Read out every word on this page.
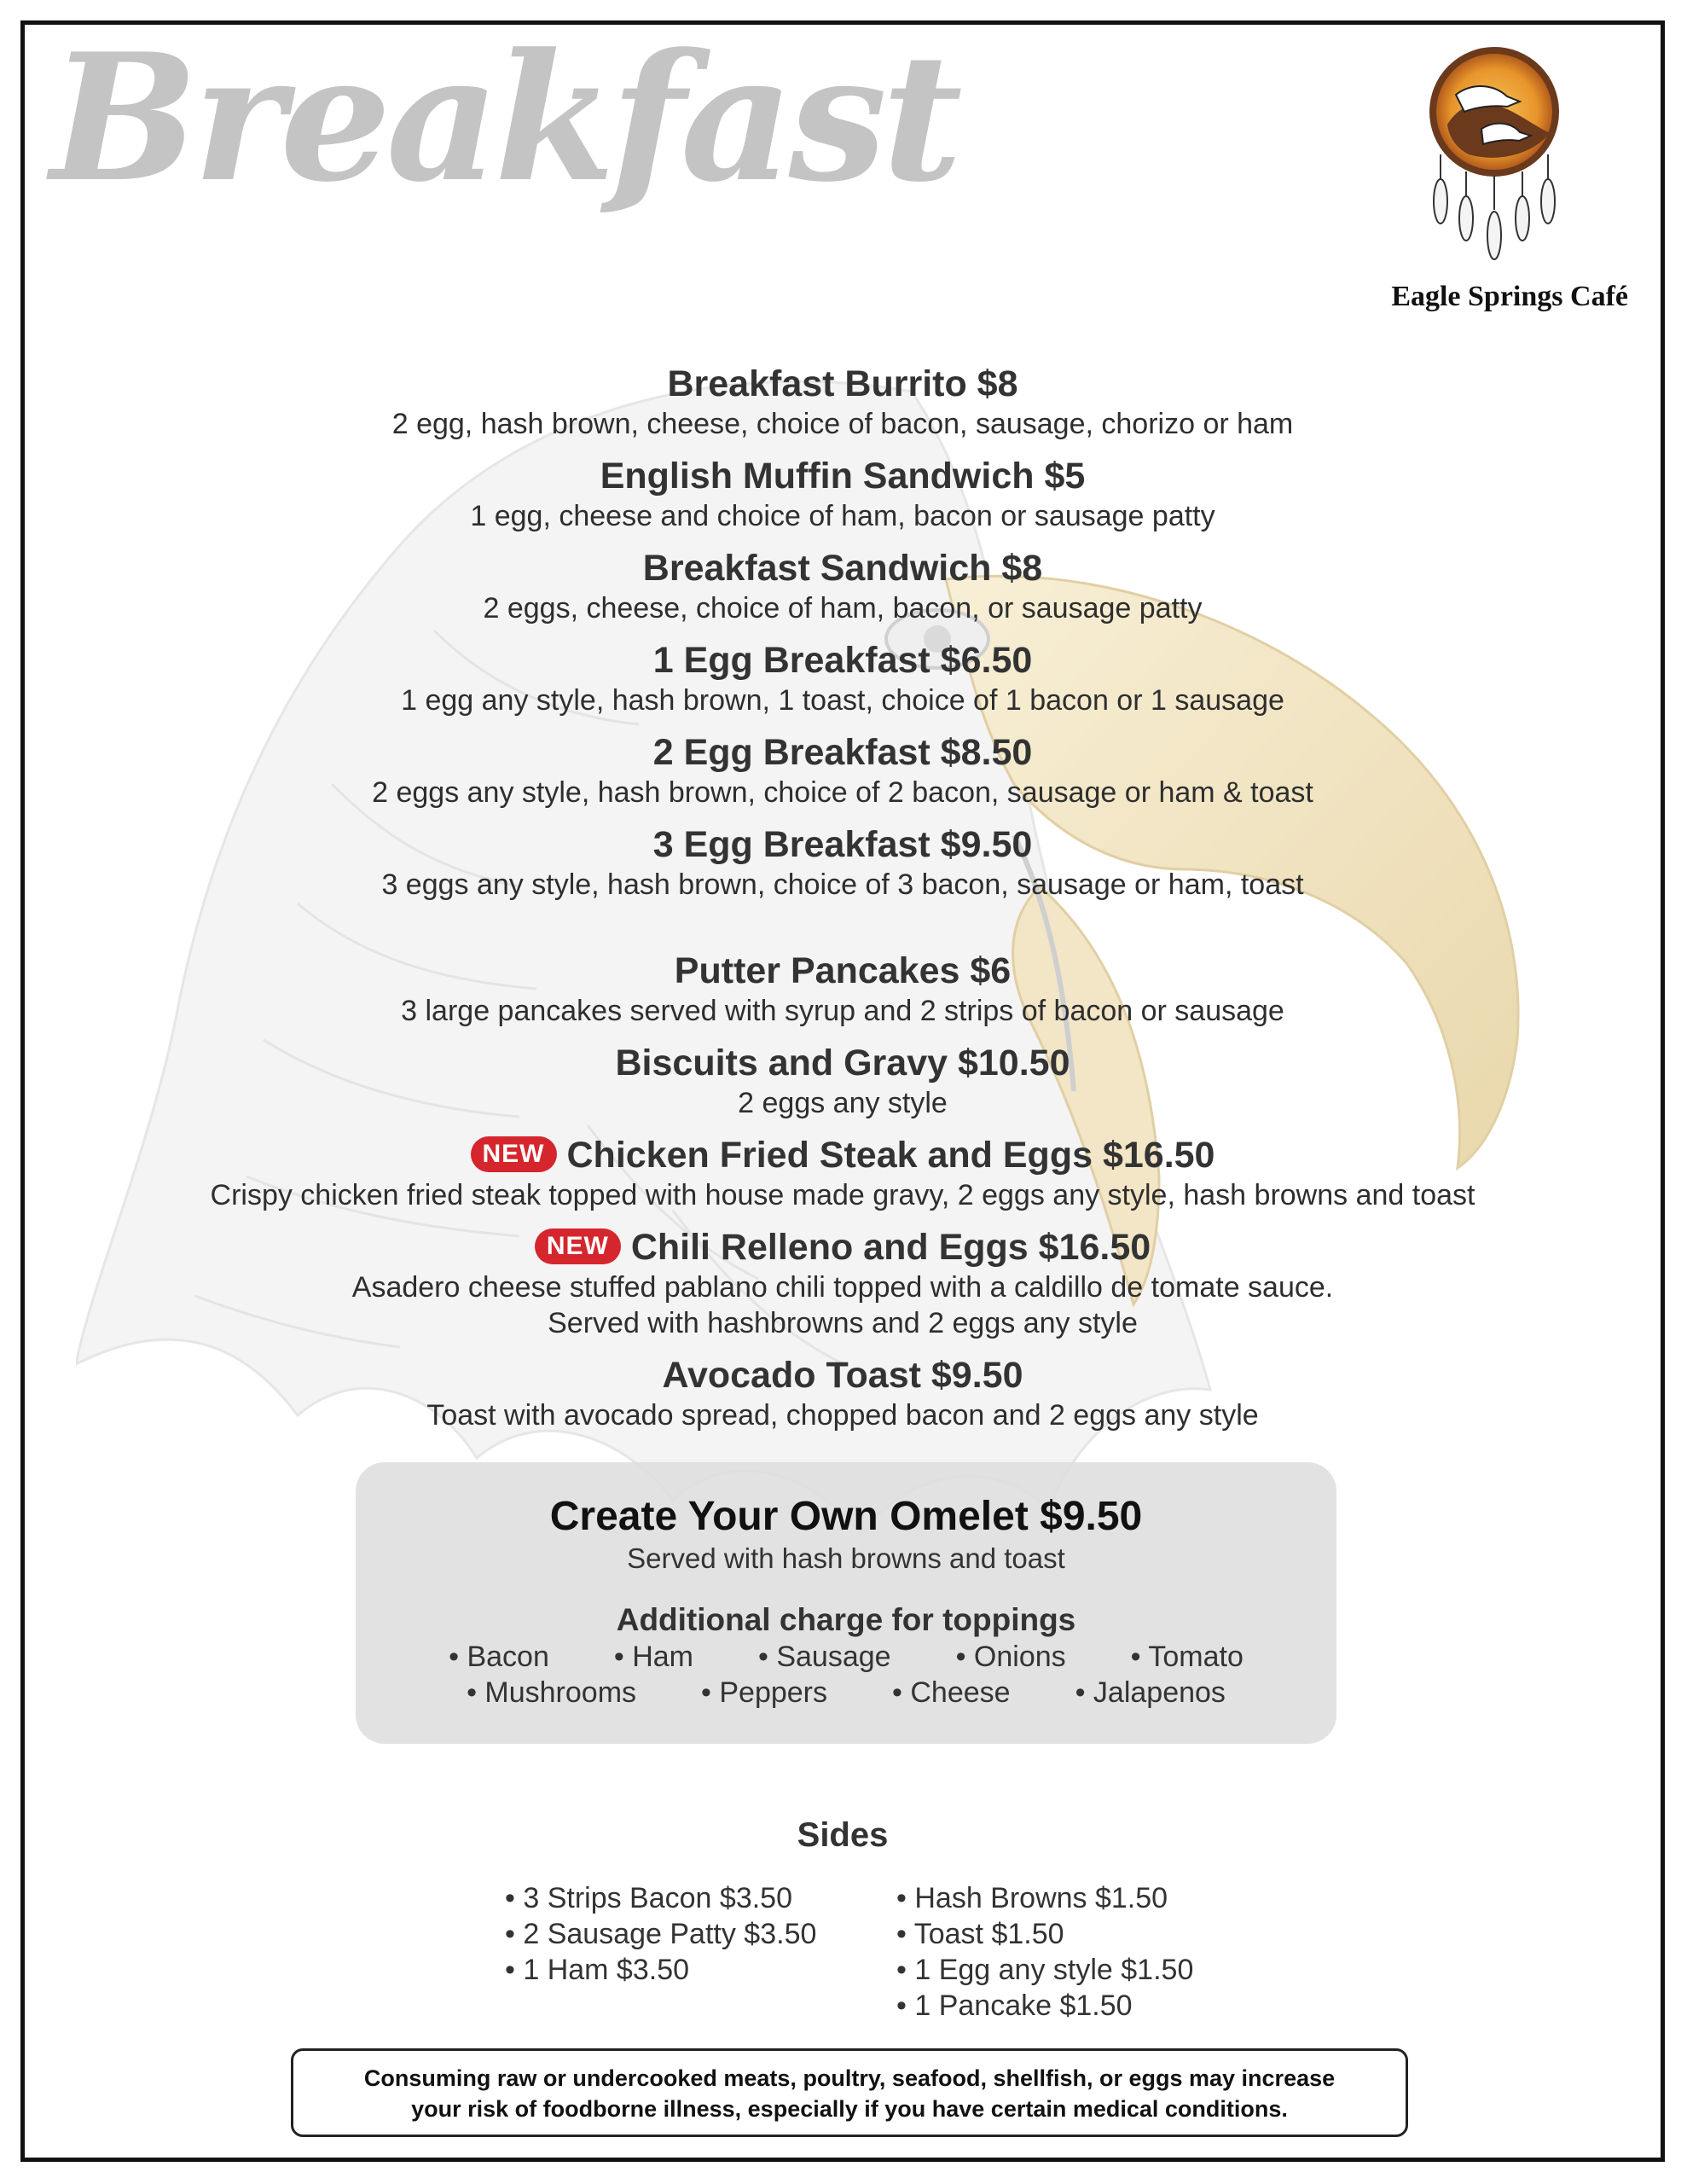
Breakfast
Eagle Springs Café
Breakfast Burrito $8
2 egg, hash brown, cheese, choice of bacon, sausage, chorizo or ham
English Muffin Sandwich $5
1 egg, cheese and choice of ham, bacon or sausage patty
Breakfast Sandwich $8
2 eggs, cheese, choice of ham, bacon, or sausage patty
1 Egg Breakfast $6.50
1 egg any style, hash brown, 1 toast, choice of 1 bacon or 1 sausage
2 Egg Breakfast $8.50
2 eggs any style, hash brown, choice of 2 bacon, sausage or ham & toast
3 Egg Breakfast $9.50
3 eggs any style, hash brown, choice of 3 bacon, sausage or ham, toast
Putter Pancakes $6
3 large pancakes served with syrup and 2 strips of bacon or sausage
Biscuits and Gravy $10.50
2 eggs any style
NEW Chicken Fried Steak and Eggs $16.50
Crispy chicken fried steak topped with house made gravy, 2 eggs any style, hash browns and toast
NEW Chili Relleno and Eggs $16.50
Asadero cheese stuffed pablano chili topped with a caldillo de tomate sauce.
Served with hashbrowns and 2 eggs any style
Avocado Toast $9.50
Toast with avocado spread, chopped bacon and 2 eggs any style
Create Your Own Omelet $9.50
Served with hash browns and toast
Additional charge for toppings
• Bacon • Ham • Sausage • Onions • Tomato
• Mushrooms • Peppers • Cheese • Jalapenos
Sides
• 3 Strips Bacon $3.50
• 2 Sausage Patty $3.50
• 1 Ham $3.50
• Hash Browns $1.50
• Toast $1.50
• 1 Egg any style $1.50
• 1 Pancake $1.50
Consuming raw or undercooked meats, poultry, seafood, shellfish, or eggs may increase
your risk of foodborne illness, especially if you have certain medical conditions.
